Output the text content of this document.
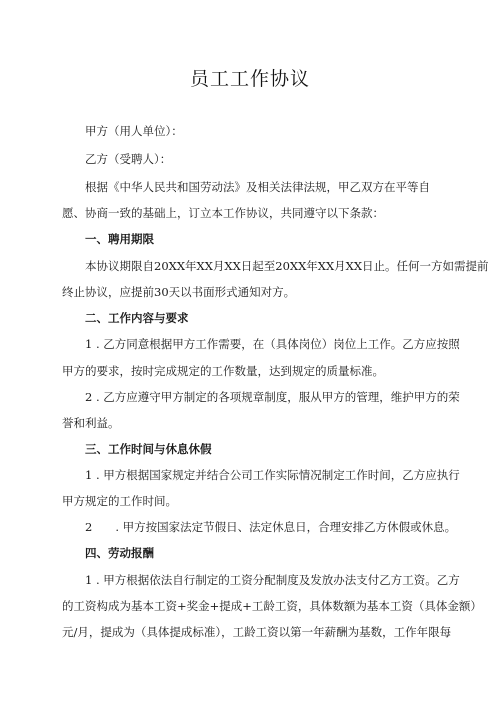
员工工作协议
甲方（用人单位）：
乙方（受聘人）：
根据《中华人民共和国劳动法》及相关法律法规，甲乙双方在平等自
愿、协商一致的基础上，订立本工作协议，共同遵守以下条款：
一、聘用期限
本协议期限自20XX年XX月XX日起至20XX年XX月XX日止。任何一方如需提前
终止协议，应提前30天以书面形式通知对方。
二、工作内容与要求
1 . 乙方同意根据甲方工作需要，在（具体岗位）岗位上工作。乙方应按照
甲方的要求，按时完成规定的工作数量，达到规定的质量标准。
2 . 乙方应遵守甲方制定的各项规章制度，服从甲方的管理，维护甲方的荣
誉和利益。
三、工作时间与休息休假
1 . 甲方根据国家规定并结合公司工作实际情况制定工作时间，乙方应执行
甲方规定的工作时间。
2　　. 甲方按国家法定节假日、法定休息日，合理安排乙方休假或休息。
四、劳动报酬
1 . 甲方根据依法自行制定的工资分配制度及发放办法支付乙方工资。乙方
的工资构成为基本工资+奖金+提成+工龄工资，具体数额为基本工资（具体金额）
元/月，提成为（具体提成标准），工龄工资以第一年薪酬为基数，工作年限每
